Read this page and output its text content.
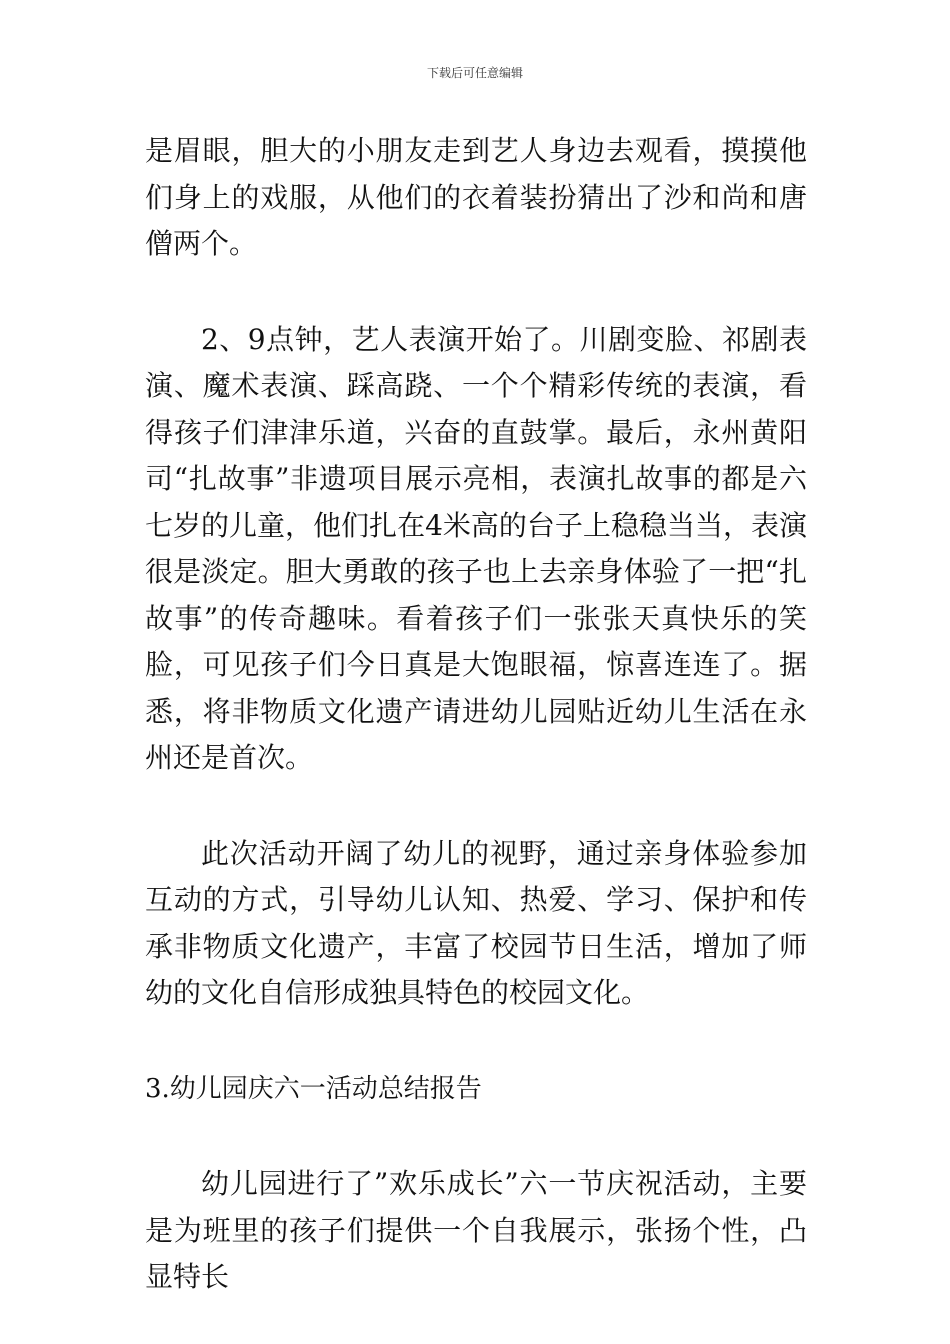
下载后可任意编辑

是眉眼，胆大的小朋友走到艺人身边去观看，摸摸他们身上的戏服，从他们的衣着装扮猜出了沙和尚和唐僧两个。

2、9点钟，艺人表演开始了。川剧变脸、祁剧表演、魔术表演、踩高跷、一个个精彩传统的表演，看得孩子们津津乐道，兴奋的直鼓掌。最后，永州黄阳司“扎故事”非遗项目展示亮相，表演扎故事的都是六七岁的儿童，他们扎在4米高的台子上稳稳当当，表演很是淡定。胆大勇敢的孩子也上去亲身体验了一把“扎故事”的传奇趣味。看着孩子们一张张天真快乐的笑脸，可见孩子们今日真是大饱眼福，惊喜连连了。据悉，将非物质文化遗产请进幼儿园贴近幼儿生活在永州还是首次。

此次活动开阔了幼儿的视野，通过亲身体验参加互动的方式，引导幼儿认知、热爱、学习、保护和传承非物质文化遗产，丰富了校园节日生活，增加了师幼的文化自信形成独具特色的校园文化。

3.幼儿园庆六一活动总结报告

幼儿园进行了”欢乐成长”六一节庆祝活动，主要是为班里的孩子们提供一个自我展示，张扬个性，凸显特长
